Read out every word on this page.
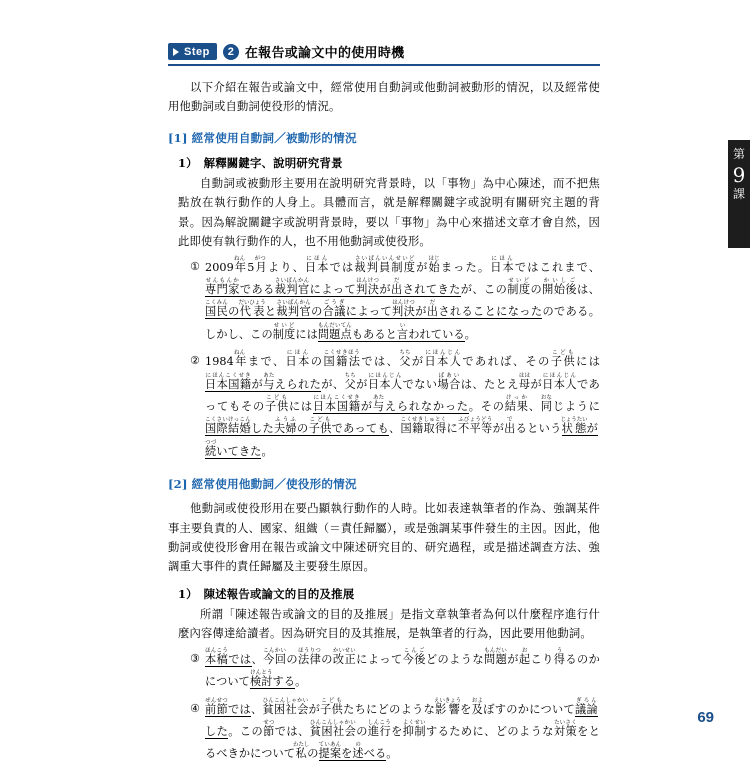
第
9
課
Step	2 在報告或論文中的使用時機

以下介紹在報告或論文中，經常使用自動詞或他動詞被動形的情況，以及經常使用他動詞或自動詞使役形的情況。

[1] 經常使用自動詞／被動形的情況
1）　解釋關鍵字、說明研究背景

自動詞或被動形主要用在說明研究背景時，以「事物」為中心陳述，而不把焦點放在執行動作的人身上。具體而言，就是解釋關鍵字或說明有關研究主題的背景。因為解說關鍵字或說明背景時，要以「事物」為中心來描述文章才會自然，因此即使有執行動作的人，也不用他動詞或使役形。

① 2009年ねん5月がつより、日本にほんでは裁判員制度さいばんいんせいどが始はじまった。日本にほんではこれまで、専門家せんもんかである裁判官さいばんかんによって判決はんけつが出だされてきたが、この制度せいどの開始後かいしごは、国民こくみんの代表だいひょうと裁判官さいばんかんの合議ごうぎによって判決はんけつが出だされることになったのである。しかし、この制度せいどには問題点もんだいてんもあると言いわれている。
② 1984年ねんまで、日本にほんの国籍法こくせきほうでは、父ちちが日本人にほんじんであれば、その子供こどもには日本国籍にほんこくせきが与あたえられたが、父ちちが日本人にほんじんでない場合ばあいは、たとえ母ははが日本人にほんじんであってもその子供こどもには日本国籍にほんこくせきが与あたえられなかった。その結果けっか、同おなじように国際結婚こくさいけっこんした夫婦ふうふの子供こどもであっても、国籍こくせき取得しゅとくに不平等ふびょうどうが出でるという状態じょうたいが続つづいてきた。
[2] 經常使用他動詞／使役形的情況

他動詞或使役形用在要凸顯執行動作的人時。比如表達執筆者的作為、強調某件事主要負責的人、國家、組織（＝責任歸屬），或是強調某事件發生的主因。因此，他動詞或使役形會用在報告或論文中陳述研究目的、研究過程，或是描述調查方法、強調重大事件的責任歸屬及主要發生原因。

1）　陳述報告或論文的目的及推展

所謂「陳述報告或論文的目的及推展」是指文章執筆者為何以什麼程序進行什麼內容傳達給讀者。因為研究目的及其推展，是執筆者的行為，因此要用他動詞。

③ 本稿ほんこうでは、今回こんかいの法律ほうりつの改正かいせいによって今後こんごどのような問題もんだいが起おこり得うるのかについて検討けんとうする。
④ 前節ぜんせつでは、貧困社会ひんこんしゃかいが子供こどもたちにどのような影響えいきょうを及およぼすのかについて議論ぎろんした。この節せつでは、貧困社会ひんこんしゃかいの進行しんこうを抑制よくせいするために、どのような対策たいさくをとるべきかについて私わたしの提案ていあんを述のべる。
69
